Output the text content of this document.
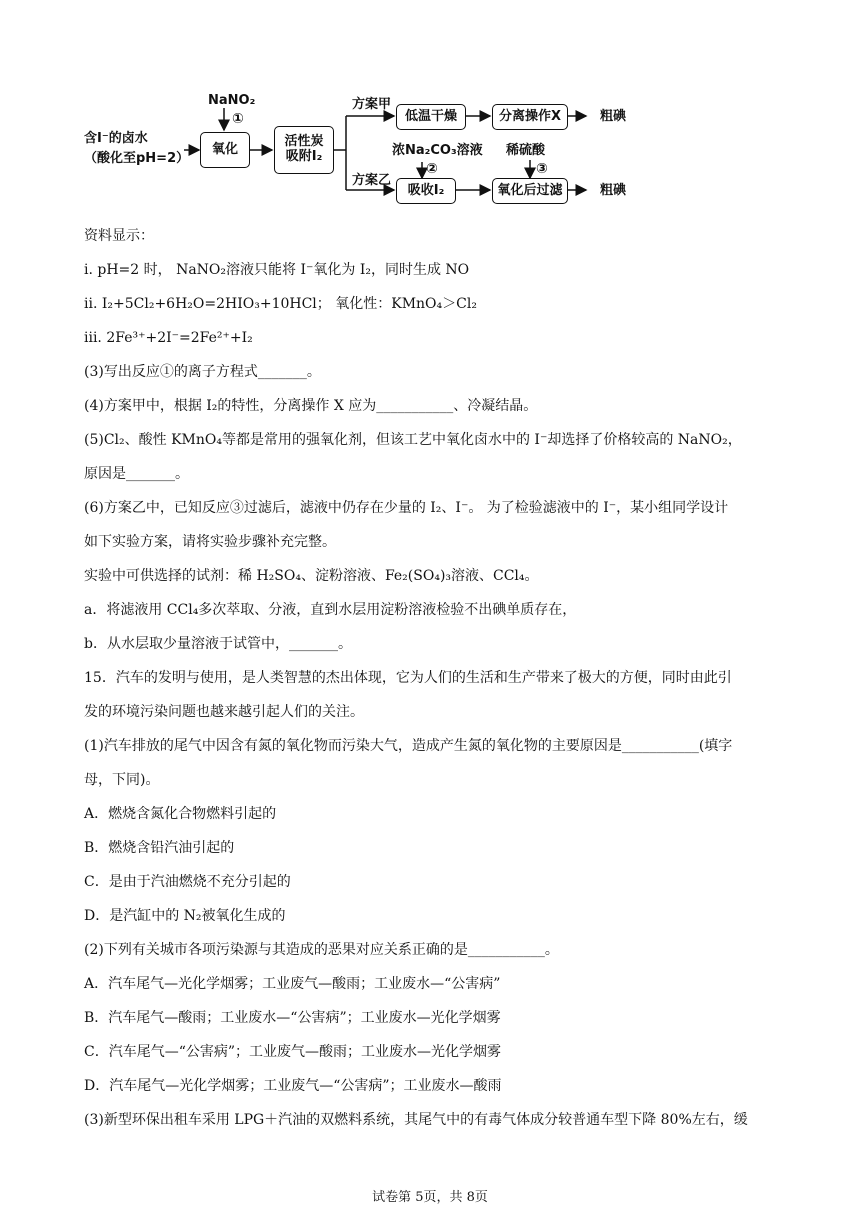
含I⁻的卤水
（酸化至pH=2）
NaNO₂
①
氧化	活性炭
吸附I₂
方案甲
方案乙
低温干燥	分离操作X	粗碘
浓Na₂CO₃溶液
②
吸收I₂
稀硫酸
③
氧化后过滤	粗碘
资料显示：
i. pH=2 时， NaNO₂溶液只能将 I⁻氧化为 I₂，同时生成 NO
ii. I₂+5Cl₂+6H₂O=2HIO₃+10HCl； 氧化性：KMnO₄＞Cl₂
iii. 2Fe³⁺+2I⁻=2Fe²⁺+I₂
(3)写出反应①的离子方程式_______。
(4)方案甲中，根据 I₂的特性，分离操作 X 应为___________、冷凝结晶。
(5)Cl₂、酸性 KMnO₄等都是常用的强氧化剂，但该工艺中氧化卤水中的 I⁻却选择了价格较高的 NaNO₂，
原因是_______。
(6)方案乙中，已知反应③过滤后，滤液中仍存在少量的 I₂、I⁻。 为了检验滤液中的 I⁻，某小组同学设计
如下实验方案，请将实验步骤补充完整。
实验中可供选择的试剂：稀 H₂SO₄、淀粉溶液、Fe₂(SO₄)₃溶液、CCl₄。
a．将滤液用 CCl₄多次萃取、分液，直到水层用淀粉溶液检验不出碘单质存在，
b．从水层取少量溶液于试管中，_______。
15．汽车的发明与使用，是人类智慧的杰出体现，它为人们的生活和生产带来了极大的方便，同时由此引
发的环境污染问题也越来越引起人们的关注。
(1)汽车排放的尾气中因含有氮的氧化物而污染大气，造成产生氮的氧化物的主要原因是___________(填字
母，下同)。
A．燃烧含氮化合物燃料引起的
B．燃烧含铅汽油引起的
C．是由于汽油燃烧不充分引起的
D．是汽缸中的 N₂被氧化生成的
(2)下列有关城市各项污染源与其造成的恶果对应关系正确的是___________。
A．汽车尾气—光化学烟雾；工业废气—酸雨；工业废水—“公害病”
B．汽车尾气—酸雨；工业废水—“公害病”；工业废水—光化学烟雾
C．汽车尾气—“公害病”；工业废气—酸雨；工业废水—光化学烟雾
D．汽车尾气—光化学烟雾；工业废气—“公害病”；工业废水—酸雨
(3)新型环保出租车采用 LPG＋汽油的双燃料系统，其尾气中的有毒气体成分较普通车型下降 80%左右，缓
试卷第 5页，共 8页
